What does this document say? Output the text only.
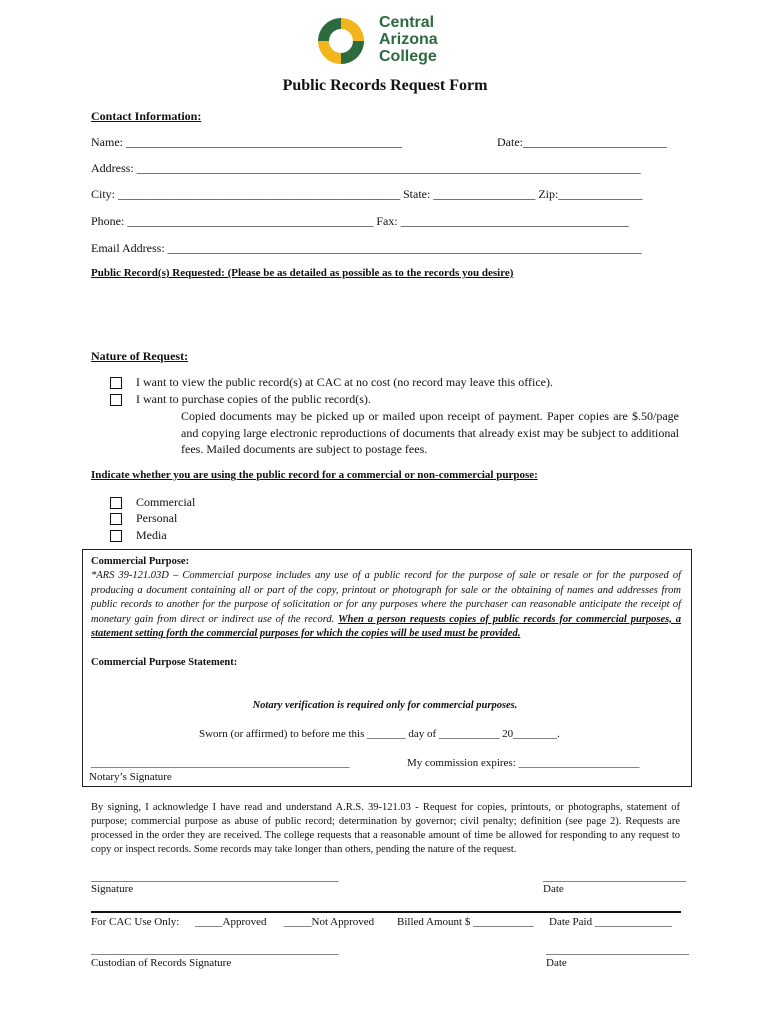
Central
Arizona
College
Public Records Request Form
Contact Information:
Name: ______________________________________________	Date:________________________
Address: ____________________________________________________________________________________
City: _______________________________________________ State: _________________ Zip:______________
Phone: _________________________________________ Fax: ______________________________________
Email Address: _______________________________________________________________________________
Public Record(s) Requested: (Please be as detailed as possible as to the records you desire)
Nature of Request:
I want to view the public record(s) at CAC at no cost (no record may leave this office).
I want to purchase copies of the public record(s).
Copied documents may be picked up or mailed upon receipt of payment. Paper copies are $.50/page and copying large electronic reproductions of documents that already exist may be subject to additional fees. Mailed documents are subject to postage fees.
Indicate whether you are using the public record for a commercial or non-commercial purpose:
Commercial
Personal
Media
Commercial Purpose:
*ARS 39-121.03D – Commercial purpose includes any use of a public record for the purpose of sale or resale or for the purposed of producing a document containing all or part of the copy, printout or photograph for sale or the obtaining of names and addresses from public records to another for the purpose of solicitation or for any purposes where the purchaser can reasonable anticipate the receipt of monetary gain from direct or indirect use of the record. When a person requests copies of public records for commercial purposes, a statement setting forth the commercial purposes for which the copies will be used must be provided.
Commercial Purpose Statement:
Notary verification is required only for commercial purposes.
Sworn (or affirmed) to before me this _______ day of ___________ 20________.
_______________________________________________	My commission expires: ______________________
Notary’s Signature
By signing, I acknowledge I have read and understand A.R.S. 39-121.03 - Request for copies, printouts, or photographs, statement of purpose; commercial purpose as abuse of public record; determination by governor; civil penalty; definition (see page 2). Requests are processed in the order they are received. The college requests that a reasonable amount of time be allowed for responding to any request to copy or inspect records. Some records may take longer than others, pending the nature of the request.
_____________________________________________	__________________________
Signature	Date
For CAC Use Only: _____Approved _____Not Approved Billed Amount $ ___________ Date Paid ______________
_____________________________________________	__________________________
Custodian of Records Signature	Date
